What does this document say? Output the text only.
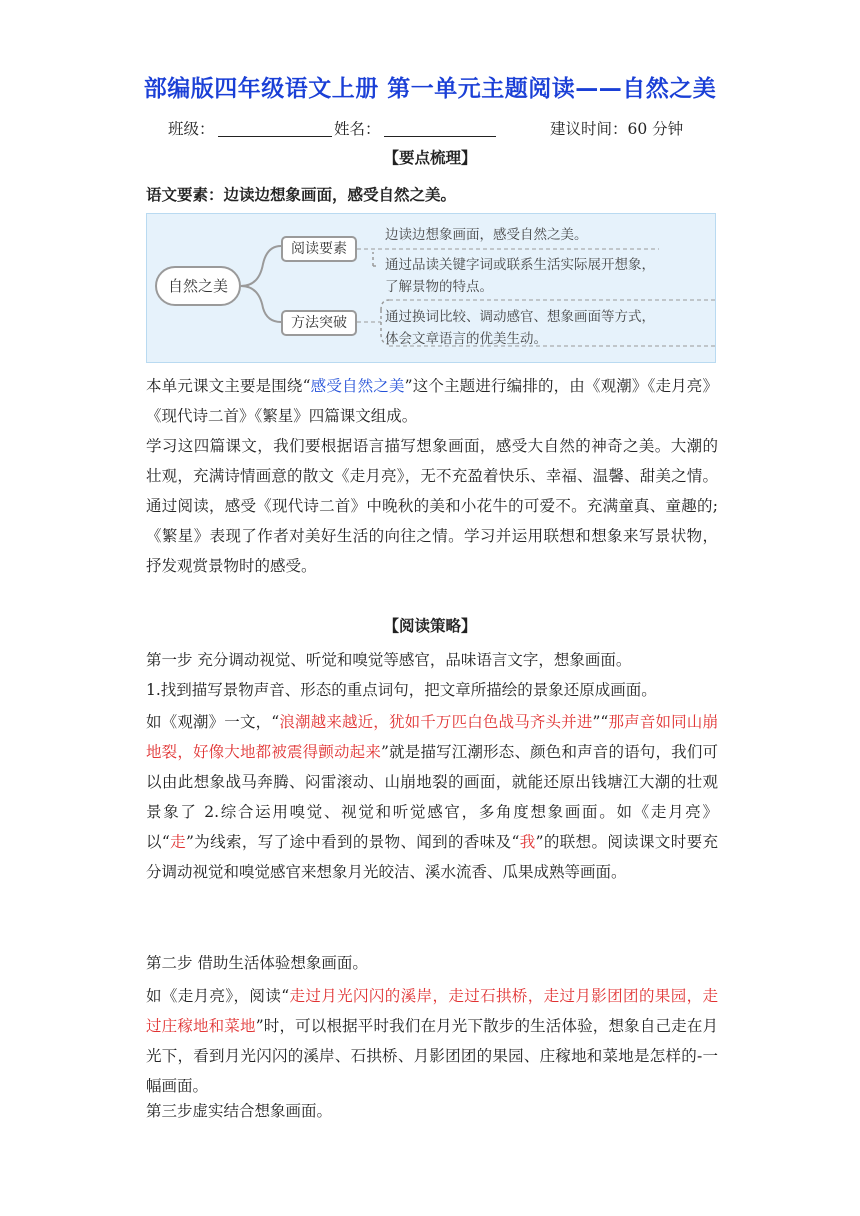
部编版四年级语文上册 第一单元主题阅读——自然之美
班级：	姓名：	建议时间：60 分钟
【要点梳理】
语文要素：边读边想象画面，感受自然之美。
自然之美
阅读要素
方法突破
边读边想象画面，感受自然之美。
通过品读关键字词或联系生活实际展开想象，
了解景物的特点。
通过换词比较、调动感官、想象画面等方式，
体会文章语言的优美生动。
本单元课文主要是围绕“感受自然之美”这个主题进行编排的，由《观潮》《走月亮》《现代诗二首》《繁星》四篇课文组成。
学习这四篇课文，我们要根据语言描写想象画面，感受大自然的神奇之美。大潮的壮观，充满诗情画意的散文《走月亮》，无不充盈着快乐、幸福、温馨、甜美之情。通过阅读，感受《现代诗二首》中晚秋的美和小花牛的可爱不。充满童真、童趣的;《繁星》表现了作者对美好生活的向往之情。学习并运用联想和想象来写景状物，抒发观赏景物时的感受。
【阅读策略】
第一步 充分调动视觉、听觉和嗅觉等感官，品味语言文字，想象画面。
1.找到描写景物声音、形态的重点词句，把文章所描绘的景象还原成画面。
如《观潮》一文，“浪潮越来越近，犹如千万匹白色战马齐头并进”“那声音如同山崩地裂，好像大地都被震得颤动起来”就是描写江潮形态、颜色和声音的语句，我们可以由此想象战马奔腾、闷雷滚动、山崩地裂的画面，就能还原出钱塘江大潮的壮观景象了 2.综合运用嗅觉、视觉和听觉感官，多角度想象画面。如《走月亮》以“走”为线索，写了途中看到的景物、闻到的香味及“我”的联想。阅读课文时要充分调动视觉和嗅觉感官来想象月光皎洁、溪水流香、瓜果成熟等画面。
第二步 借助生活体验想象画面。
如《走月亮》，阅读“走过月光闪闪的溪岸，走过石拱桥，走过月影团团的果园，走过庄稼地和菜地”时，可以根据平时我们在月光下散步的生活体验，想象自己走在月光下，看到月光闪闪的溪岸、石拱桥、月影团团的果园、庄稼地和菜地是怎样的-一幅画面。
第三步虚实结合想象画面。
